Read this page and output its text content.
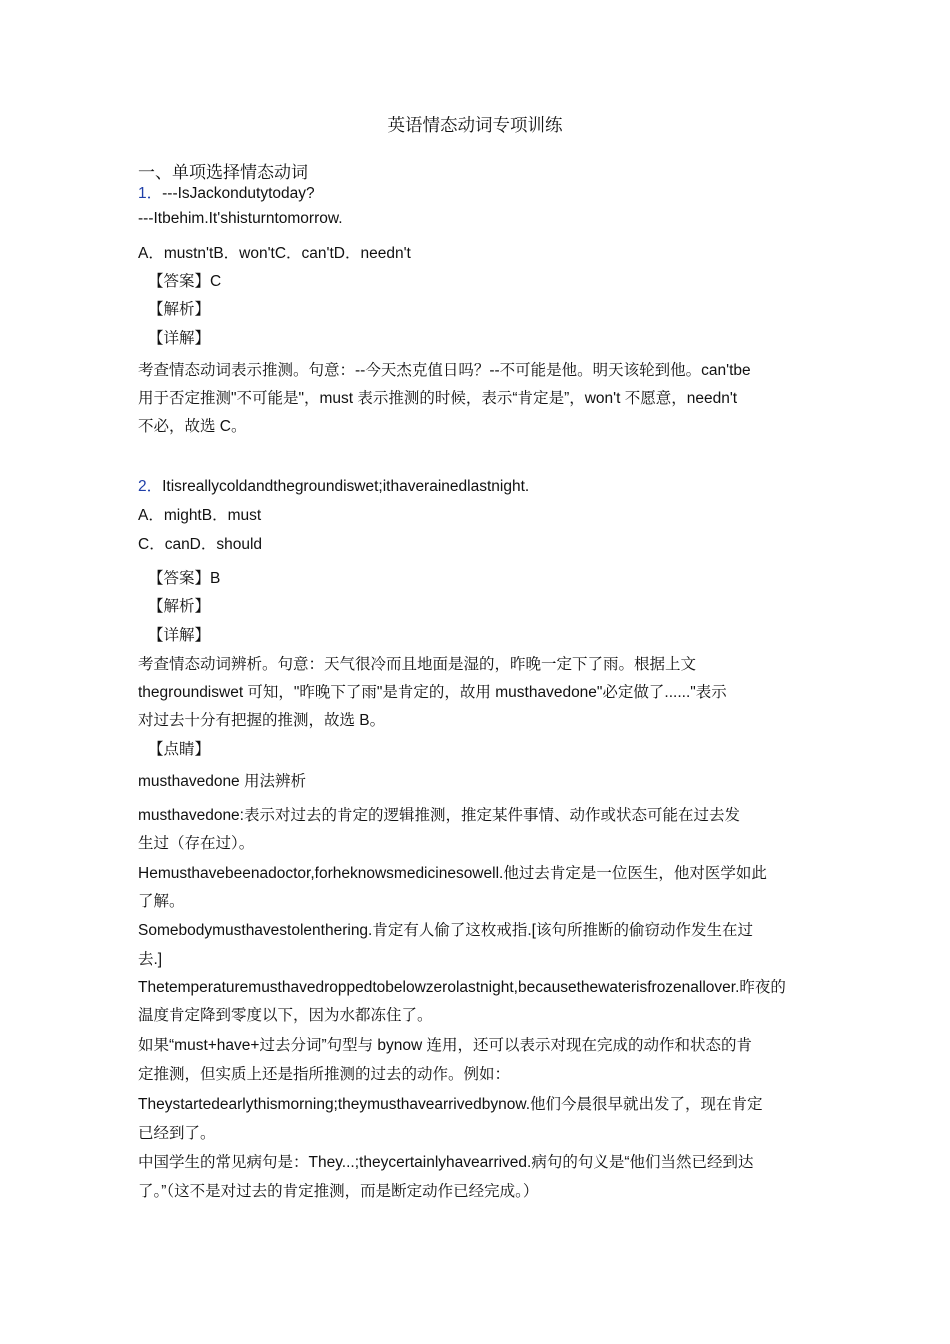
英语情态动词专项训练
一、单项选择情态动词
1．---IsJackondutytoday?
---Itbehim.It'shisturntomorrow.
A．mustn'tB．won'tC．can'tD．needn't
【答案】C
【解析】
【详解】
考查情态动词表示推测。句意：--今天杰克值日吗？--不可能是他。明天该轮到他。can'tbe
用于否定推测"不可能是"，must 表示推测的时候，表示“肯定是”，won't 不愿意，needn't
不必，故选 C。
2．Itisreallycoldandthegroundiswet;ithaverainedlastnight.
A．mightB．must
C．canD．should
【答案】B
【解析】
【详解】
考查情态动词辨析。句意：天气很冷而且地面是湿的，昨晚一定下了雨。根据上文
thegroundiswet 可知，"昨晚下了雨"是肯定的，故用 musthavedone"必定做了......"表示
对过去十分有把握的推测，故选 B。
【点睛】
musthavedone 用法辨析
musthavedone:表示对过去的肯定的逻辑推测，推定某件事情、动作或状态可能在过去发
生过（存在过）。
Hemusthavebeenadoctor,forheknowsmedicinesowell.他过去肯定是一位医生，他对医学如此
了解。
Somebodymusthavestolenthering.肯定有人偷了这枚戒指.[该句所推断的偷窃动作发生在过
去.]
Thetemperaturemusthavedroppedtobelowzerolastnight,becausethewaterisfrozenallover.昨夜的
温度肯定降到零度以下，因为水都冻住了。
如果“must+have+过去分词”句型与 bynow 连用，还可以表示对现在完成的动作和状态的肯
定推测，但实质上还是指所推测的过去的动作。例如：
Theystartedearlythismorning;theymusthavearrivedbynow.他们今晨很早就出发了，现在肯定
已经到了。
中国学生的常见病句是：They...;theycertainlyhavearrived.病句的句义是“他们当然已经到达
了。”（这不是对过去的肯定推测，而是断定动作已经完成。）
